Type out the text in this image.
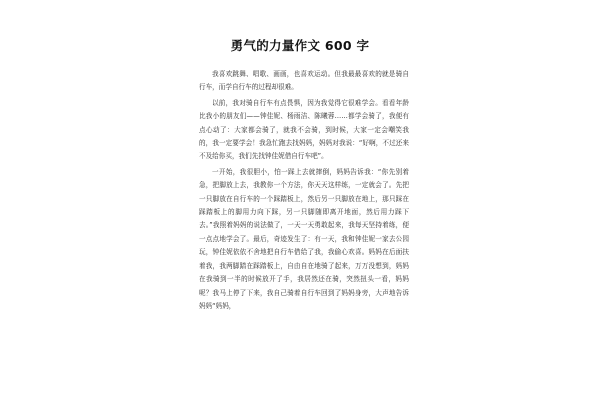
勇气的力量作文 600 字

我喜欢跳舞、唱歌、画画，也喜欢运动。但我最最喜欢的就是骑自行车，而学自行车的过程却很难。

以前，我对骑自行车有点畏惧，因为我觉得它很难学会。看看年龄比我小的朋友们——钟佳妮、杨雨洁、陈曦蓉……都学会骑了，我便有点心动了：大家都会骑了，就我不会骑，到时候，大家一定会嘲笑我的，我一定要学会！我急忙跑去找妈妈，妈妈对我说：“好啊，不过还来不及给你买，我们先找钟佳妮借自行车吧”。

一开始，我很胆小，怕一踩上去就摔倒，妈妈告诉我：“你先别着急，把脚放上去，我教你一个方法，你天天这样练，一定就会了。先把一只脚放在自行车的一个踩踏板上，然后另一只脚放在地上，那只踩在踩踏板上的脚用力向下踩，另一只脚随即离开地面，然后用力踩下去。”我照着妈妈的说法做了，一天一天勇敢起来，我每天坚持着练，便一点点地学会了。最后，奇迹发生了：有一天，我和钟佳妮一家去公园玩，钟佳妮依依不舍地把自行车借给了我，我偷心欢喜。妈妈在后面扶着我，我两脚踏在踩踏板上，自由自在地骑了起来，万万没想到，妈妈在我骑到一半的时候放开了手，我居然还在骑，突然扭头一看，妈妈呢？我马上停了下来，我自己骑着自行车回到了妈妈身旁，大声地告诉妈妈“妈妈，
